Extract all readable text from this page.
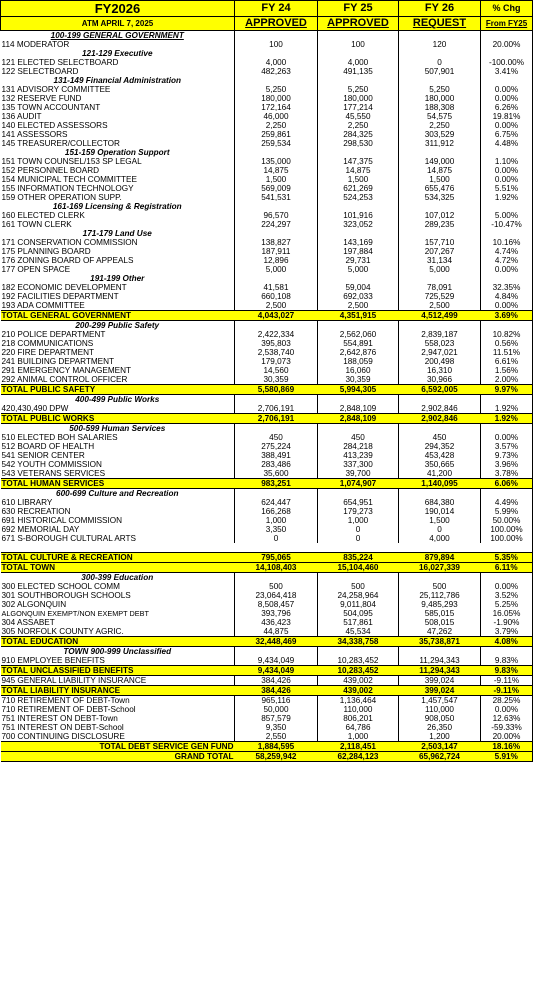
FY2026	FY 24	FY 25	FY 26	% Chg
ATM APRIL 7, 2025	APPROVED	APPROVED	REQUEST	From FY25
100-199 GENERAL GOVERNMENT				
114 MODERATOR	100	100	120	20.00%
121-129 Executive				
121 ELECTED SELECTBOARD	4,000	4,000	0	-100.00%
122 SELECTBOARD	482,263	491,135	507,901	3.41%
131-149 Financial Administration				
131 ADVISORY COMMITTEE	5,250	5,250	5,250	0.00%
132 RESERVE FUND	180,000	180,000	180,000	0.00%
135 TOWN ACCOUNTANT	172,164	177,214	188,308	6.26%
136 AUDIT	46,000	45,550	54,575	19.81%
140 ELECTED ASSESSORS	2,250	2,250	2,250	0.00%
141 ASSESSORS	259,861	284,325	303,529	6.75%
145 TREASURER/COLLECTOR	259,534	298,530	311,912	4.48%
151-159 Operation Support				
151 TOWN COUNSEL/153 SP LEGAL	135,000	147,375	149,000	1.10%
152 PERSONNEL BOARD	14,875	14,875	14,875	0.00%
154 MUNICIPAL TECH COMMITTEE	1,500	1,500	1,500	0.00%
155 INFORMATION TECHNOLOGY	569,009	621,269	655,476	5.51%
159 OTHER OPERATION SUPP.	541,531	524,253	534,325	1.92%
161-169 Licensing & Registration				
160 ELECTED CLERK	96,570	101,916	107,012	5.00%
161 TOWN CLERK	224,297	323,052	289,235	-10.47%
171-179 Land Use				
171 CONSERVATION COMMISSION	138,827	143,169	157,710	10.16%
175 PLANNING BOARD	187,911	197,884	207,267	4.74%
176 ZONING BOARD OF APPEALS	12,896	29,731	31,134	4.72%
177 OPEN SPACE	5,000	5,000	5,000	0.00%
191-199 Other				
182 ECONOMIC DEVELOPMENT	41,581	59,004	78,091	32.35%
192 FACILITIES DEPARTMENT	660,108	692,033	725,529	4.84%
193 ADA COMMITTEE	2,500	2,500	2,500	0.00%
TOTAL GENERAL GOVERNMENT	4,043,027	4,351,915	4,512,499	3.69%
200-299 Public Safety				
210 POLICE DEPARTMENT	2,422,334	2,562,060	2,839,187	10.82%
218 COMMUNICATIONS	395,803	554,891	558,023	0.56%
220 FIRE DEPARTMENT	2,538,740	2,642,876	2,947,021	11.51%
241 BUILDING DEPARTMENT	179,073	188,059	200,498	6.61%
291 EMERGENCY MANAGEMENT	14,560	16,060	16,310	1.56%
292 ANIMAL CONTROL OFFICER	30,359	30,359	30,966	2.00%
TOTAL PUBLIC SAFETY	5,580,869	5,994,305	6,592,005	9.97%
400-499 Public Works				
420,430,490 DPW	2,706,191	2,848,109	2,902,846	1.92%
TOTAL PUBLIC WORKS	2,706,191	2,848,109	2,902,846	1.92%
500-599 Human Services				
510 ELECTED BOH SALARIES	450	450	450	0.00%
512 BOARD OF HEALTH	275,224	284,218	294,352	3.57%
541 SENIOR CENTER	388,491	413,239	453,428	9.73%
542 YOUTH COMMISSION	283,486	337,300	350,665	3.96%
543 VETERANS SERVICES	35,600	39,700	41,200	3.78%
TOTAL HUMAN SERVICES	983,251	1,074,907	1,140,095	6.06%
600-699 Culture and Recreation				
610 LIBRARY	624,447	654,951	684,380	4.49%
630 RECREATION	166,268	179,273	190,014	5.99%
691 HISTORICAL COMMISSION	1,000	1,000	1,500	50.00%
692 MEMORIAL DAY	3,350	0	0	100.00%
671 S-BOROUGH CULTURAL ARTS	0	0	4,000	100.00%

TOTAL CULTURE & RECREATION	795,065	835,224	879,894	5.35%
TOTAL TOWN	14,108,403	15,104,460	16,027,339	6.11%
300-399 Education				
300 ELECTED SCHOOL COMM	500	500	500	0.00%
301 SOUTHBOROUGH SCHOOLS	23,064,418	24,258,964	25,112,786	3.52%
302 ALGONQUIN	8,508,457	9,011,804	9,485,293	5.25%
ALGONQUIN EXEMPT/NON EXEMPT DEBT	393,796	504,095	585,015	16.05%
304 ASSABET	436,423	517,861	508,015	-1.90%
305 NORFOLK COUNTY AGRIC.	44,875	45,534	47,262	3.79%
TOTAL EDUCATION	32,448,469	34,338,758	35,738,871	4.08%
TOWN 900-999 Unclassified				
910 EMPLOYEE BENEFITS	9,434,049	10,283,452	11,294,343	9.83%
TOTAL UNCLASSIFIED BENEFITS	9,434,049	10,283,452	11,294,343	9.83%
945 GENERAL LIABILITY INSURANCE	384,426	439,002	399,024	-9.11%
TOTAL LIABILITY INSURANCE	384,426	439,002	399,024	-9.11%
710 RETIREMENT OF DEBT-Town	965,116	1,136,464	1,457,547	28.25%
710 RETIREMENT OF DEBT-School	50,000	110,000	110,000	0.00%
751 INTEREST ON DEBT-Town	857,579	806,201	908,050	12.63%
751 INTEREST ON DEBT-School	9,350	64,786	26,350	-59.33%
700 CONTINUING DISCLOSURE	2,550	1,000	1,200	20.00%
TOTAL DEBT SERVICE GEN FUND	1,884,595	2,118,451	2,503,147	18.16%
GRAND TOTAL	58,259,942	62,284,123	65,962,724	5.91%
